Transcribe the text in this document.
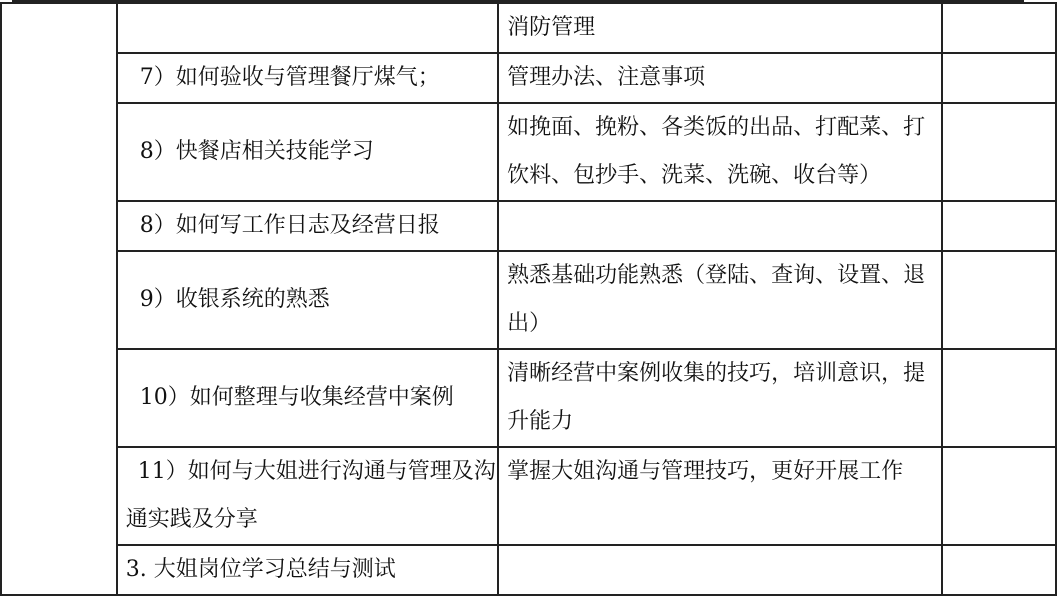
		消防管理	
	7）如何验收与管理餐厅煤气；	管理办法、注意事项	
	8）快餐店相关技能学习	如挽面、挽粉、各类饭的出品、打配菜、打饮料、包抄手、洗菜、洗碗、收台等）	
	8）如何写工作日志及经营日报		
	9）收银系统的熟悉	熟悉基础功能熟悉（登陆、查询、设置、退出）	
	10）如何整理与收集经营中案例	清晰经营中案例收集的技巧，培训意识，提升能力	

	11）如何与大姐进行沟通与管理及沟通实践及分享	掌握大姐沟通与管理技巧，更好开展工作	

	3. 大姐岗位学习总结与测试		
